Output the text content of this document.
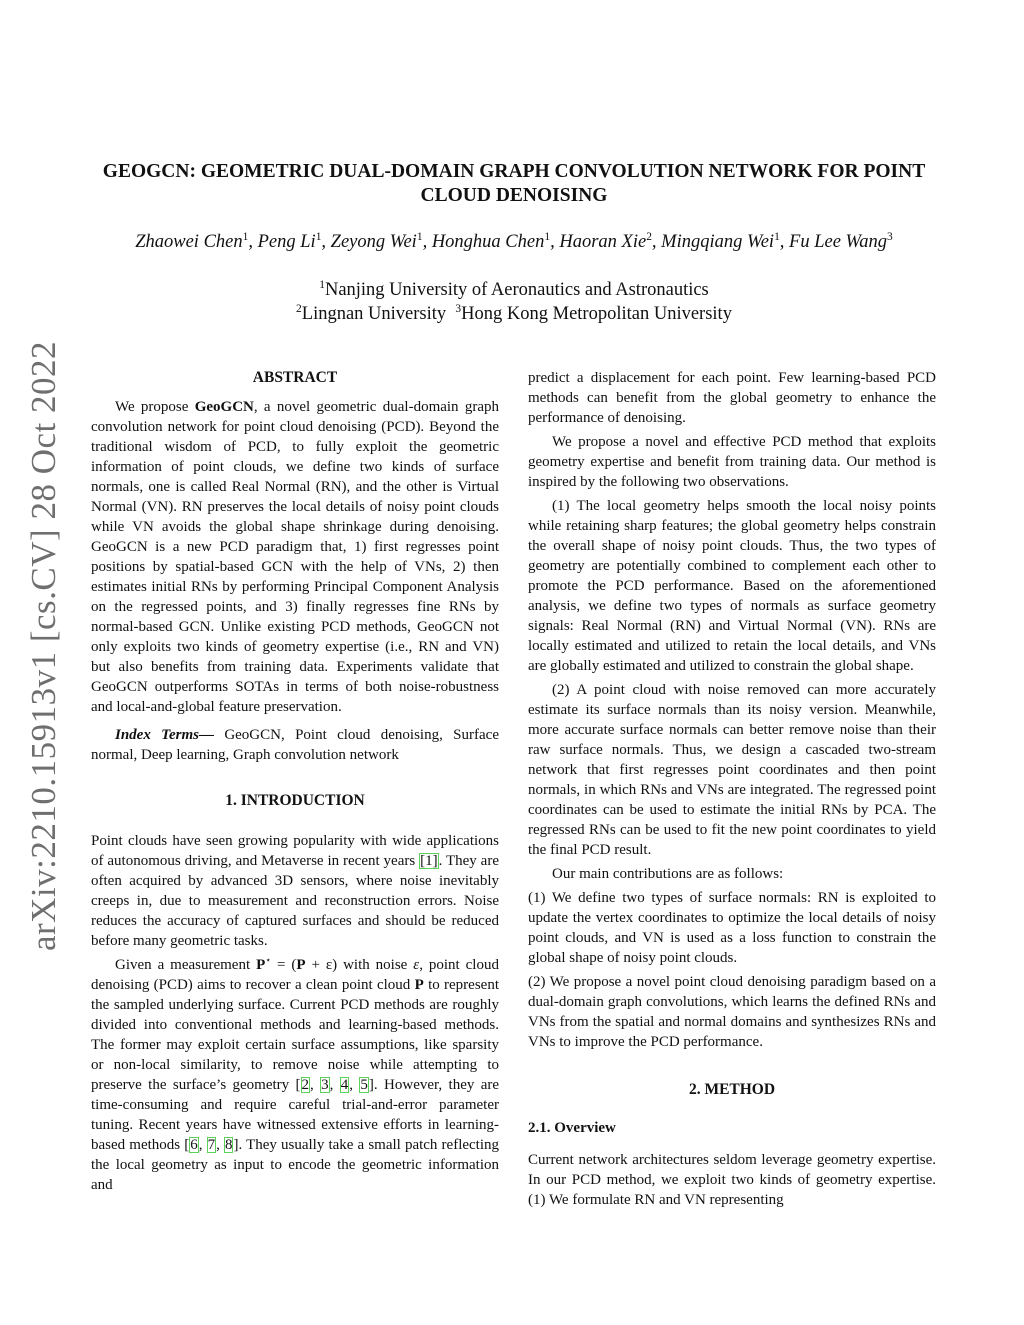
arXiv:2210.15913v1 [cs.CV] 28 Oct 2022
GEOGCN: GEOMETRIC DUAL-DOMAIN GRAPH CONVOLUTION NETWORK FOR POINT CLOUD DENOISING

Zhaowei Chen$^1$, Peng Li$^1$, Zeyong Wei$^1$, Honghua Chen$^1$, Haoran Xie$^2$, Mingqiang Wei$^1$, Fu Lee Wang$^3$

$^1$Nanjing University of Aeronautics and Astronautics
$^2$Lingnan University $^3$Hong Kong Metropolitan University
ABSTRACT

We propose GeoGCN, a novel geometric dual-domain graph convolution network for point cloud denoising (PCD). Beyond the traditional wisdom of PCD, to fully exploit the geometric information of point clouds, we define two kinds of surface normals, one is called Real Normal (RN), and the other is Virtual Normal (VN). RN preserves the local details of noisy point clouds while VN avoids the global shape shrinkage during denoising. GeoGCN is a new PCD paradigm that, 1) first regresses point positions by spatial-based GCN with the help of VNs, 2) then estimates initial RNs by performing Principal Component Analysis on the regressed points, and 3) finally regresses fine RNs by normal-based GCN. Unlike existing PCD methods, GeoGCN not only exploits two kinds of geometry expertise (i.e., RN and VN) but also benefits from training data. Experiments validate that GeoGCN outperforms SOTAs in terms of both noise-robustness and local-and-global feature preservation.

Index Terms— GeoGCN, Point cloud denoising, Surface normal, Deep learning, Graph convolution network

1. INTRODUCTION

Point clouds have seen growing popularity with wide applications of autonomous driving, and Metaverse in recent years [1]. They are often acquired by advanced 3D sensors, where noise inevitably creeps in, due to measurement and reconstruction errors. Noise reduces the accuracy of captured surfaces and should be reduced before many geometric tasks.

Given a measurement P⋆ = (P + ε) with noise ε, point cloud denoising (PCD) aims to recover a clean point cloud P to represent the sampled underlying surface. Current PCD methods are roughly divided into conventional methods and learning-based methods. The former may exploit certain surface assumptions, like sparsity or non-local similarity, to remove noise while attempting to preserve the surface’s geometry [2, 3, 4, 5]. However, they are time-consuming and require careful trial-and-error parameter tuning. Recent years have witnessed extensive efforts in learning-based methods [6, 7, 8]. They usually take a small patch reflecting the local geometry as input to encode the geometric information and

predict a displacement for each point. Few learning-based PCD methods can benefit from the global geometry to enhance the performance of denoising.

We propose a novel and effective PCD method that exploits geometry expertise and benefit from training data. Our method is inspired by the following two observations.

(1) The local geometry helps smooth the local noisy points while retaining sharp features; the global geometry helps constrain the overall shape of noisy point clouds. Thus, the two types of geometry are potentially combined to complement each other to promote the PCD performance. Based on the aforementioned analysis, we define two types of normals as surface geometry signals: Real Normal (RN) and Virtual Normal (VN). RNs are locally estimated and utilized to retain the local details, and VNs are globally estimated and utilized to constrain the global shape.

(2) A point cloud with noise removed can more accurately estimate its surface normals than its noisy version. Meanwhile, more accurate surface normals can better remove noise than their raw surface normals. Thus, we design a cascaded two-stream network that first regresses point coordinates and then point normals, in which RNs and VNs are integrated. The regressed point coordinates can be used to estimate the initial RNs by PCA. The regressed RNs can be used to fit the new point coordinates to yield the final PCD result.

Our main contributions are as follows:

(1) We define two types of surface normals: RN is exploited to update the vertex coordinates to optimize the local details of noisy point clouds, and VN is used as a loss function to constrain the global shape of noisy point clouds.

(2) We propose a novel point cloud denoising paradigm based on a dual-domain graph convolutions, which learns the defined RNs and VNs from the spatial and normal domains and synthesizes RNs and VNs to improve the PCD performance.

2. METHOD
2.1. Overview

Current network architectures seldom leverage geometry expertise. In our PCD method, we exploit two kinds of geometry expertise. (1) We formulate RN and VN representing
